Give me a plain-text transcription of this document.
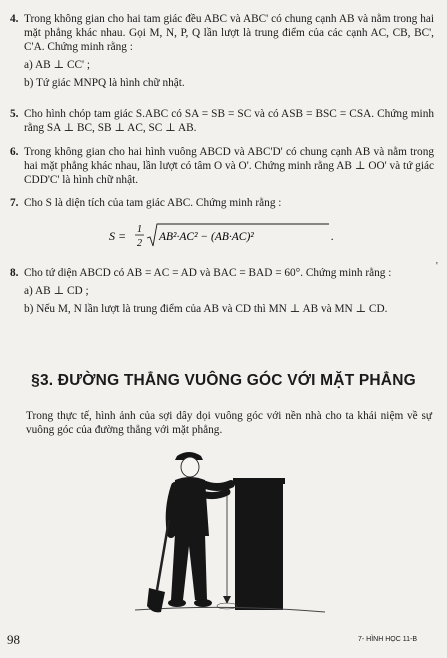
4. Trong không gian cho hai tam giác đều ABC và ABC' có chung cạnh AB và nằm trong hai mặt phẳng khác nhau. Gọi M, N, P, Q lần lượt là trung điểm của các cạnh AC, CB, BC', C'A. Chứng minh rằng :

a) AB ⊥ CC' ;

b) Tứ giác MNPQ là hình chữ nhật.

5. Cho hình chóp tam giác S.ABC có SA = SB = SC và có ASB = BSC = CSA. Chứng minh rằng SA ⊥ BC, SB ⊥ AC, SC ⊥ AB.

6. Trong không gian cho hai hình vuông ABCD và ABC'D' có chung cạnh AB và nằm trong hai mặt phẳng khác nhau, lần lượt có tâm O và O'. Chứng minh rằng AB ⊥ OO' và tứ giác CDD'C' là hình chữ nhật.

7. Cho S là diện tích của tam giác ABC. Chứng minh rằng :

S = 1
2
AB²·AC² − (AB·AC)²	.
8. Cho tứ diện ABCD có AB = AC = AD và BAC = BAD = 60°. Chứng minh rằng :

a) AB ⊥ CD ;

b) Nếu M, N lần lượt là trung điểm của AB và CD thì MN ⊥ AB và MN ⊥ CD.

§3. ĐƯỜNG THẲNG VUÔNG GÓC VỚI MẶT PHẲNG
Trong thực tế, hình ảnh của sợi dây dọi vuông góc với nền nhà cho ta khái niệm về sự vuông góc của đường thẳng với mặt phẳng.
'
98	7- HÌNH HỌC 11-B
